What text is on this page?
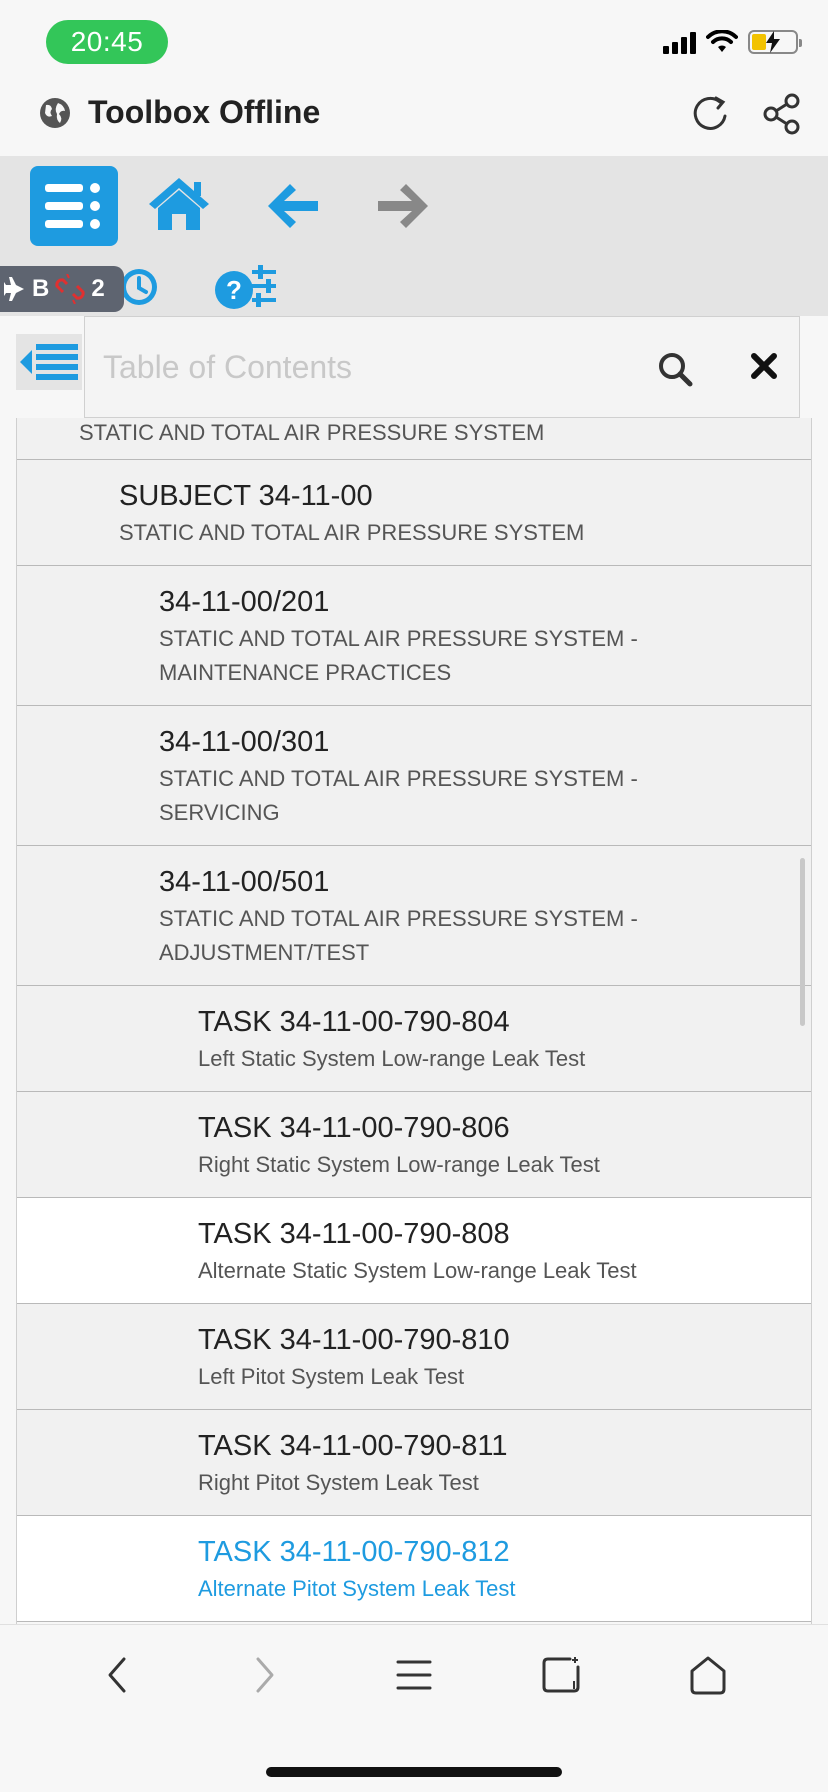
20:45
Toolbox Offline
?
B 2
Table of Contents
STATIC AND TOTAL AIR PRESSURE SYSTEM
SUBJECT 34-11-00
STATIC AND TOTAL AIR PRESSURE SYSTEM
34-11-00/201
STATIC AND TOTAL AIR PRESSURE SYSTEM - MAINTENANCE PRACTICES
34-11-00/301
STATIC AND TOTAL AIR PRESSURE SYSTEM - SERVICING
34-11-00/501
STATIC AND TOTAL AIR PRESSURE SYSTEM - ADJUSTMENT/TEST
TASK 34-11-00-790-804
Left Static System Low-range Leak Test
TASK 34-11-00-790-806
Right Static System Low-range Leak Test
TASK 34-11-00-790-808
Alternate Static System Low-range Leak Test
TASK 34-11-00-790-810
Left Pitot System Leak Test
TASK 34-11-00-790-811
Right Pitot System Leak Test
TASK 34-11-00-790-812
Alternate Pitot System Leak Test
